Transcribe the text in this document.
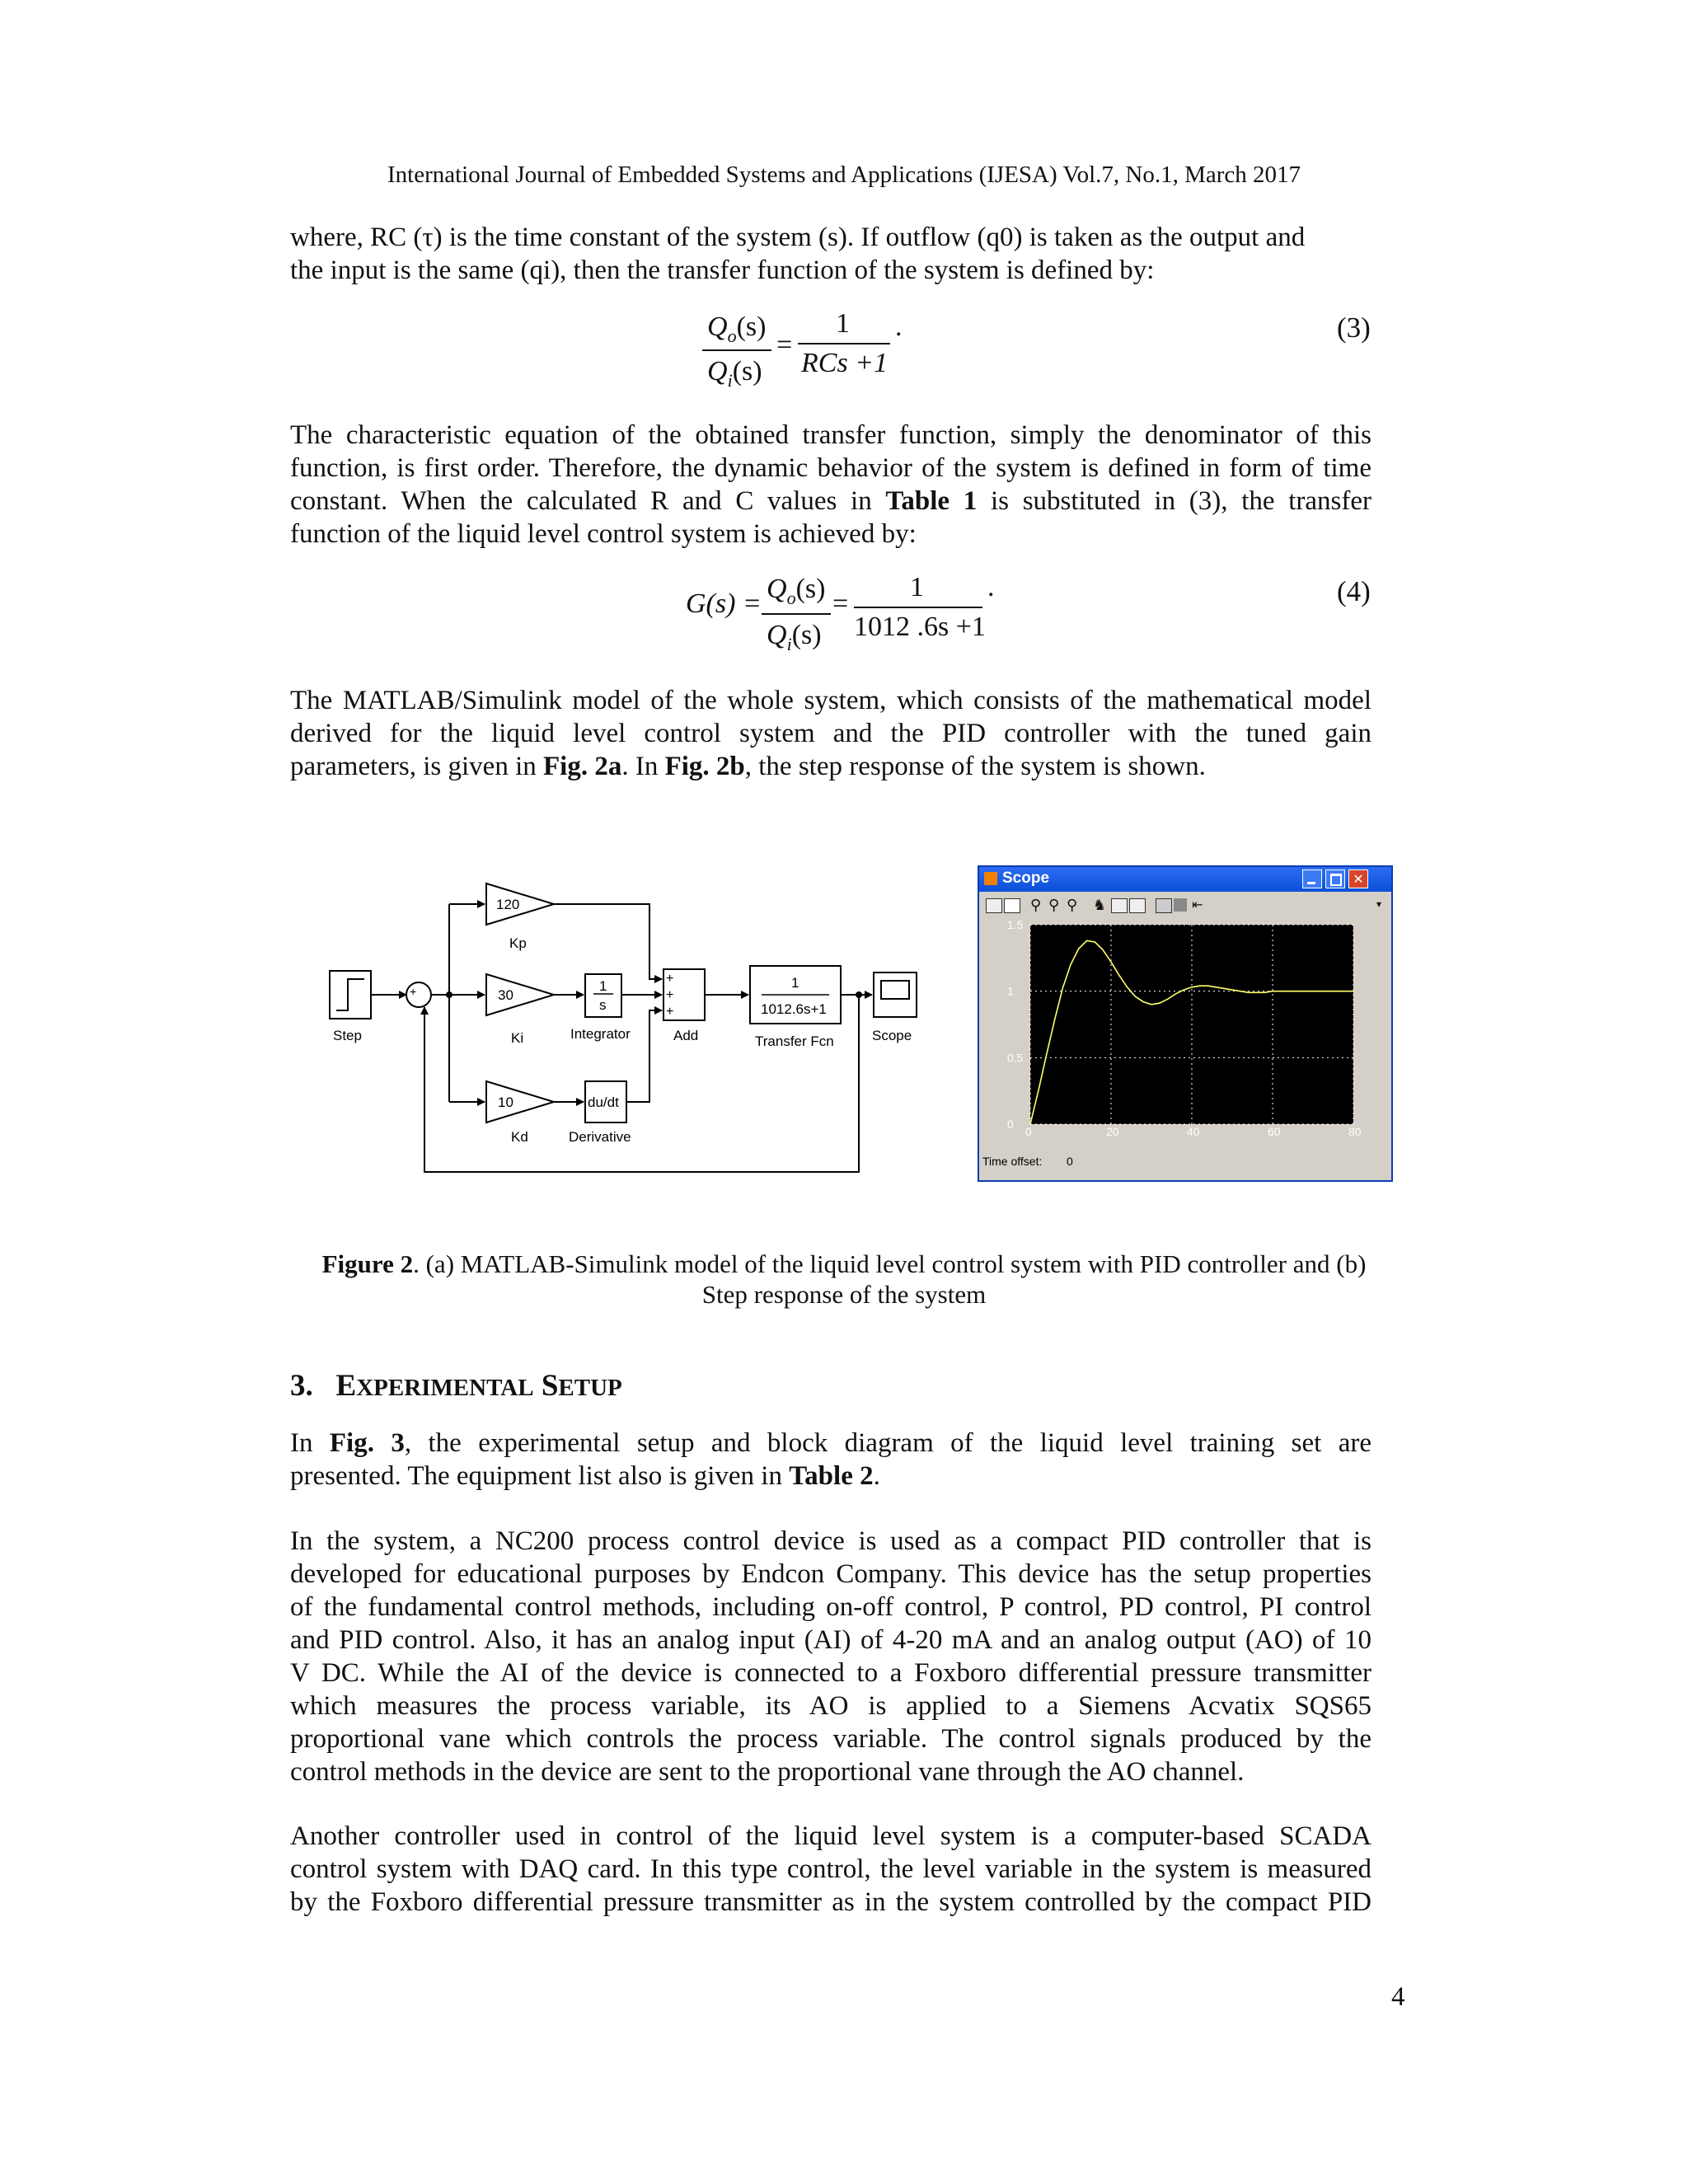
International Journal of Embedded Systems and Applications (IJESA) Vol.7, No.1, March 2017
where, RC (τ) is the time constant of the system (s). If outflow (q0) is taken as the output and
the input is the same (qi), then the transfer function of the system is defined by:
$Q_o(s)$
$Q_i(s)$
=
1
RCs +1
.	(3)
The characteristic equation of the obtained transfer function, simply the denominator of this
function, is first order. Therefore, the dynamic behavior of the system is defined in form of time
constant. When the calculated R and C values in Table 1 is substituted in (3), the transfer
function of the liquid level control system is achieved by:
$G(s) = Q_o(s)$
$Q_i(s)$
=
1
1012 .6s +1
.	(4)
The MATLAB/Simulink model of the whole system, which consists of the mathematical model
derived for the liquid level control system and the PID controller with the tuned gain
parameters, is given in Fig. 2a. In Fig. 2b, the step response of the system is shown.
120
Kp
30
Ki
10
Kd
1
s
Integrator
du/dt
Derivative
+
+
+
Add
+
-
1
1012.6s+1
Transfer Fcn
Step	Scope
Scope	✕
⚲ ⚲ ⚲ ♞	⇤	▾
0	20	40	60	80
0
0.5
1
1.5
Time offset: 0
Figure 2. (a) MATLAB-Simulink model of the liquid level control system with PID controller and (b)
Step response of the system
3. EXPERIMENTAL SETUP
In Fig. 3, the experimental setup and block diagram of the liquid level training set are
presented. The equipment list also is given in Table 2.
In the system, a NC200 process control device is used as a compact PID controller that is
developed for educational purposes by Endcon Company. This device has the setup properties
of the fundamental control methods, including on-off control, P control, PD control, PI control
and PID control. Also, it has an analog input (AI) of 4-20 mA and an analog output (AO) of 10
V DC. While the AI of the device is connected to a Foxboro differential pressure transmitter
which measures the process variable, its AO is applied to a Siemens Acvatix SQS65
proportional vane which controls the process variable. The control signals produced by the
control methods in the device are sent to the proportional vane through the AO channel.
Another controller used in control of the liquid level system is a computer-based SCADA
control system with DAQ card. In this type control, the level variable in the system is measured
by the Foxboro differential pressure transmitter as in the system controlled by the compact PID
4
